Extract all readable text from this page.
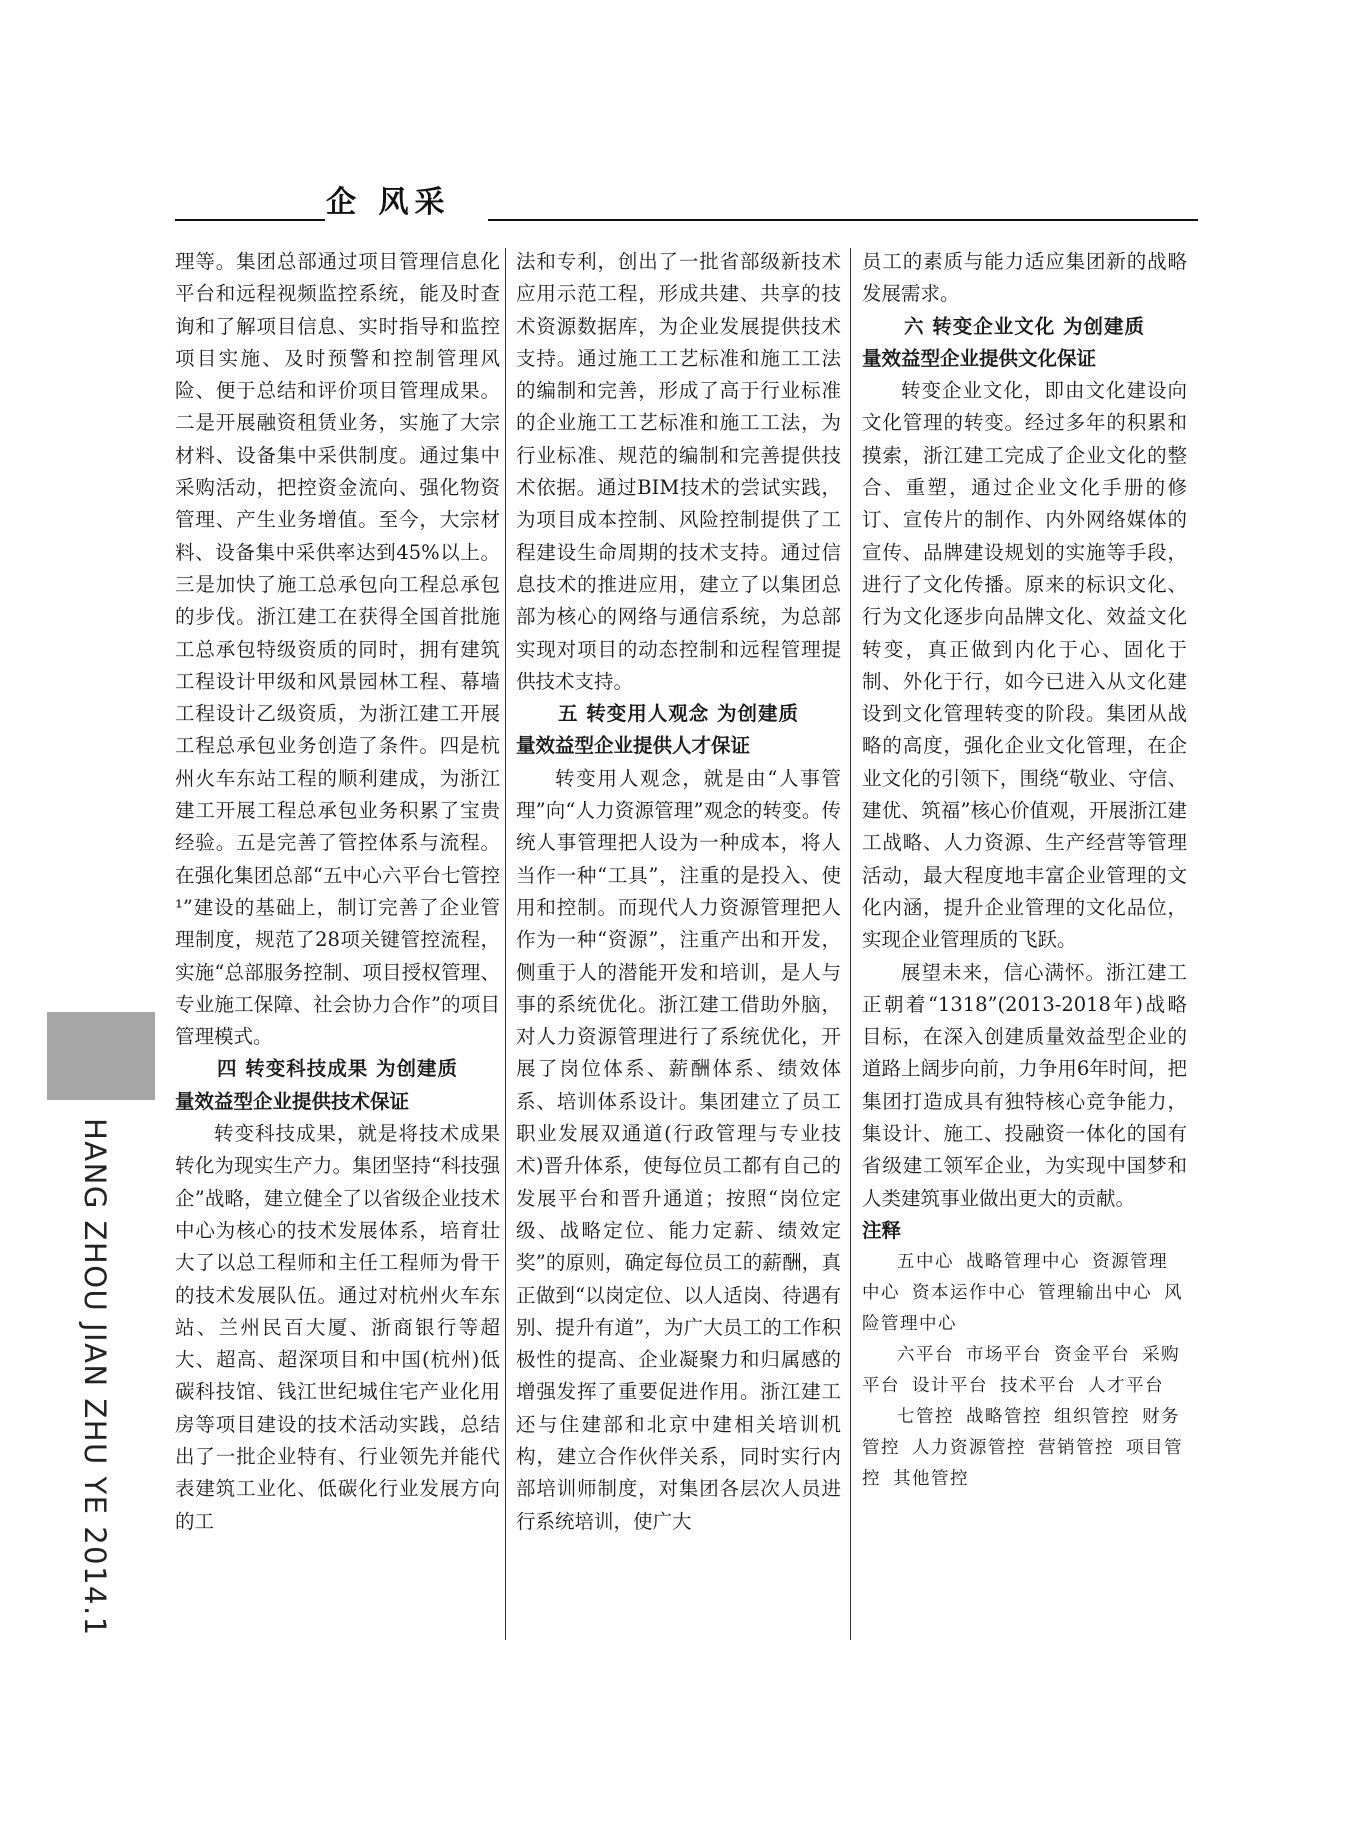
企 风采
HANG ZHOU JIAN ZHU YE 2014.1

理等。集团总部通过项目管理信息化平台和远程视频监控系统，能及时查询和了解项目信息、实时指导和监控项目实施、及时预警和控制管理风险、便于总结和评价项目管理成果。二是开展融资租赁业务，实施了大宗材料、设备集中采供制度。通过集中采购活动，把控资金流向、强化物资管理、产生业务增值。至今，大宗材料、设备集中采供率达到45%以上。三是加快了施工总承包向工程总承包的步伐。浙江建工在获得全国首批施工总承包特级资质的同时，拥有建筑工程设计甲级和风景园林工程、幕墙工程设计乙级资质，为浙江建工开展工程总承包业务创造了条件。四是杭州火车东站工程的顺利建成，为浙江建工开展工程总承包业务积累了宝贵经验。五是完善了管控体系与流程。在强化集团总部“五中心六平台七管控 ¹”建设的基础上，制订完善了企业管理制度，规范了28项关键管控流程，实施“总部服务控制、项目授权管理、专业施工保障、社会协力合作”的项目管理模式。

四 转变科技成果 为创建质
量效益型企业提供技术保证

转变科技成果，就是将技术成果转化为现实生产力。集团坚持“科技强企”战略，建立健全了以省级企业技术中心为核心的技术发展体系，培育壮大了以总工程师和主任工程师为骨干的技术发展队伍。通过对杭州火车东站、兰州民百大厦、浙商银行等超大、超高、超深项目和中国(杭州)低碳科技馆、钱江世纪城住宅产业化用房等项目建设的技术活动实践，总结出了一批企业特有、行业领先并能代表建筑工业化、低碳化行业发展方向的工

法和专利，创出了一批省部级新技术应用示范工程，形成共建、共享的技术资源数据库，为企业发展提供技术支持。通过施工工艺标准和施工工法的编制和完善，形成了高于行业标准的企业施工工艺标准和施工工法，为行业标准、规范的编制和完善提供技术依据。通过BIM技术的尝试实践，为项目成本控制、风险控制提供了工程建设生命周期的技术支持。通过信息技术的推进应用，建立了以集团总部为核心的网络与通信系统，为总部实现对项目的动态控制和远程管理提供技术支持。

五 转变用人观念 为创建质
量效益型企业提供人才保证

转变用人观念，就是由“人事管理”向“人力资源管理”观念的转变。传统人事管理把人设为一种成本，将人当作一种“工具”，注重的是投入、使用和控制。而现代人力资源管理把人作为一种“资源”，注重产出和开发，侧重于人的潜能开发和培训，是人与事的系统优化。浙江建工借助外脑，对人力资源管理进行了系统优化，开展了岗位体系、薪酬体系、绩效体系、培训体系设计。集团建立了员工职业发展双通道(行政管理与专业技术)晋升体系，使每位员工都有自己的发展平台和晋升通道；按照“岗位定级、战略定位、能力定薪、绩效定奖”的原则，确定每位员工的薪酬，真正做到“以岗定位、以人适岗、待遇有别、提升有道”，为广大员工的工作积极性的提高、企业凝聚力和归属感的增强发挥了重要促进作用。浙江建工还与住建部和北京中建相关培训机构，建立合作伙伴关系，同时实行内部培训师制度，对集团各层次人员进行系统培训，使广大

员工的素质与能力适应集团新的战略发展需求。

六 转变企业文化 为创建质
量效益型企业提供文化保证

转变企业文化，即由文化建设向文化管理的转变。经过多年的积累和摸索，浙江建工完成了企业文化的整合、重塑，通过企业文化手册的修订、宣传片的制作、内外网络媒体的宣传、品牌建设规划的实施等手段，进行了文化传播。原来的标识文化、行为文化逐步向品牌文化、效益文化转变，真正做到内化于心、固化于制、外化于行，如今已进入从文化建设到文化管理转变的阶段。集团从战略的高度，强化企业文化管理，在企业文化的引领下，围绕“敬业、守信、建优、筑福”核心价值观，开展浙江建工战略、人力资源、生产经营等管理活动，最大程度地丰富企业管理的文化内涵，提升企业管理的文化品位，实现企业管理质的飞跃。

展望未来，信心满怀。浙江建工正朝着“1318”(2013-2018年)战略目标，在深入创建质量效益型企业的道路上阔步向前，力争用6年时间，把集团打造成具有独特核心竞争能力，集设计、施工、投融资一体化的国有省级建工领军企业，为实现中国梦和人类建筑事业做出更大的贡献。

注释

五中心 战略管理中心 资源管理中心 资本运作中心 管理输出中心 风险管理中心

六平台 市场平台 资金平台 采购平台 设计平台 技术平台 人才平台

七管控 战略管控 组织管控 财务管控 人力资源管控 营销管控 项目管控 其他管控
